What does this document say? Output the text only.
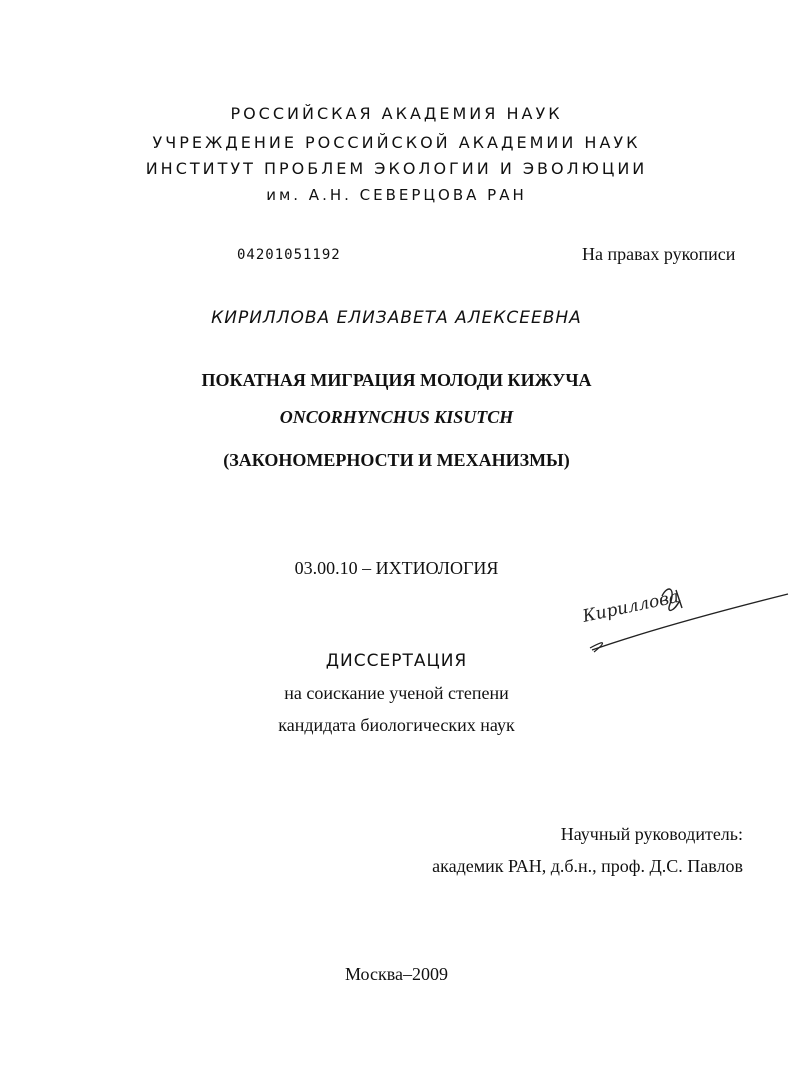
РОССИЙСКАЯ АКАДЕМИЯ НАУК
УЧРЕЖДЕНИЕ РОССИЙСКОЙ АКАДЕМИИ НАУК
ИНСТИТУТ ПРОБЛЕМ ЭКОЛОГИИ И ЭВОЛЮЦИИ
им. А.Н. СЕВЕРЦОВА РАН
04201051192	На правах рукописи
КИРИЛЛОВА ЕЛИЗАВЕТА АЛЕКСЕЕВНА
ПОКАТНАЯ МИГРАЦИЯ МОЛОДИ КИЖУЧА
ONCORHYNCHUS KISUTCH
(ЗАКОНОМЕРНОСТИ И МЕХАНИЗМЫ)
03.00.10 – ИХТИОЛОГИЯ
Кириллова
ДИССЕРТАЦИЯ
на соискание ученой степени
кандидата биологических наук
Научный руководитель:
академик РАН, д.б.н., проф. Д.С. Павлов
Москва–2009
